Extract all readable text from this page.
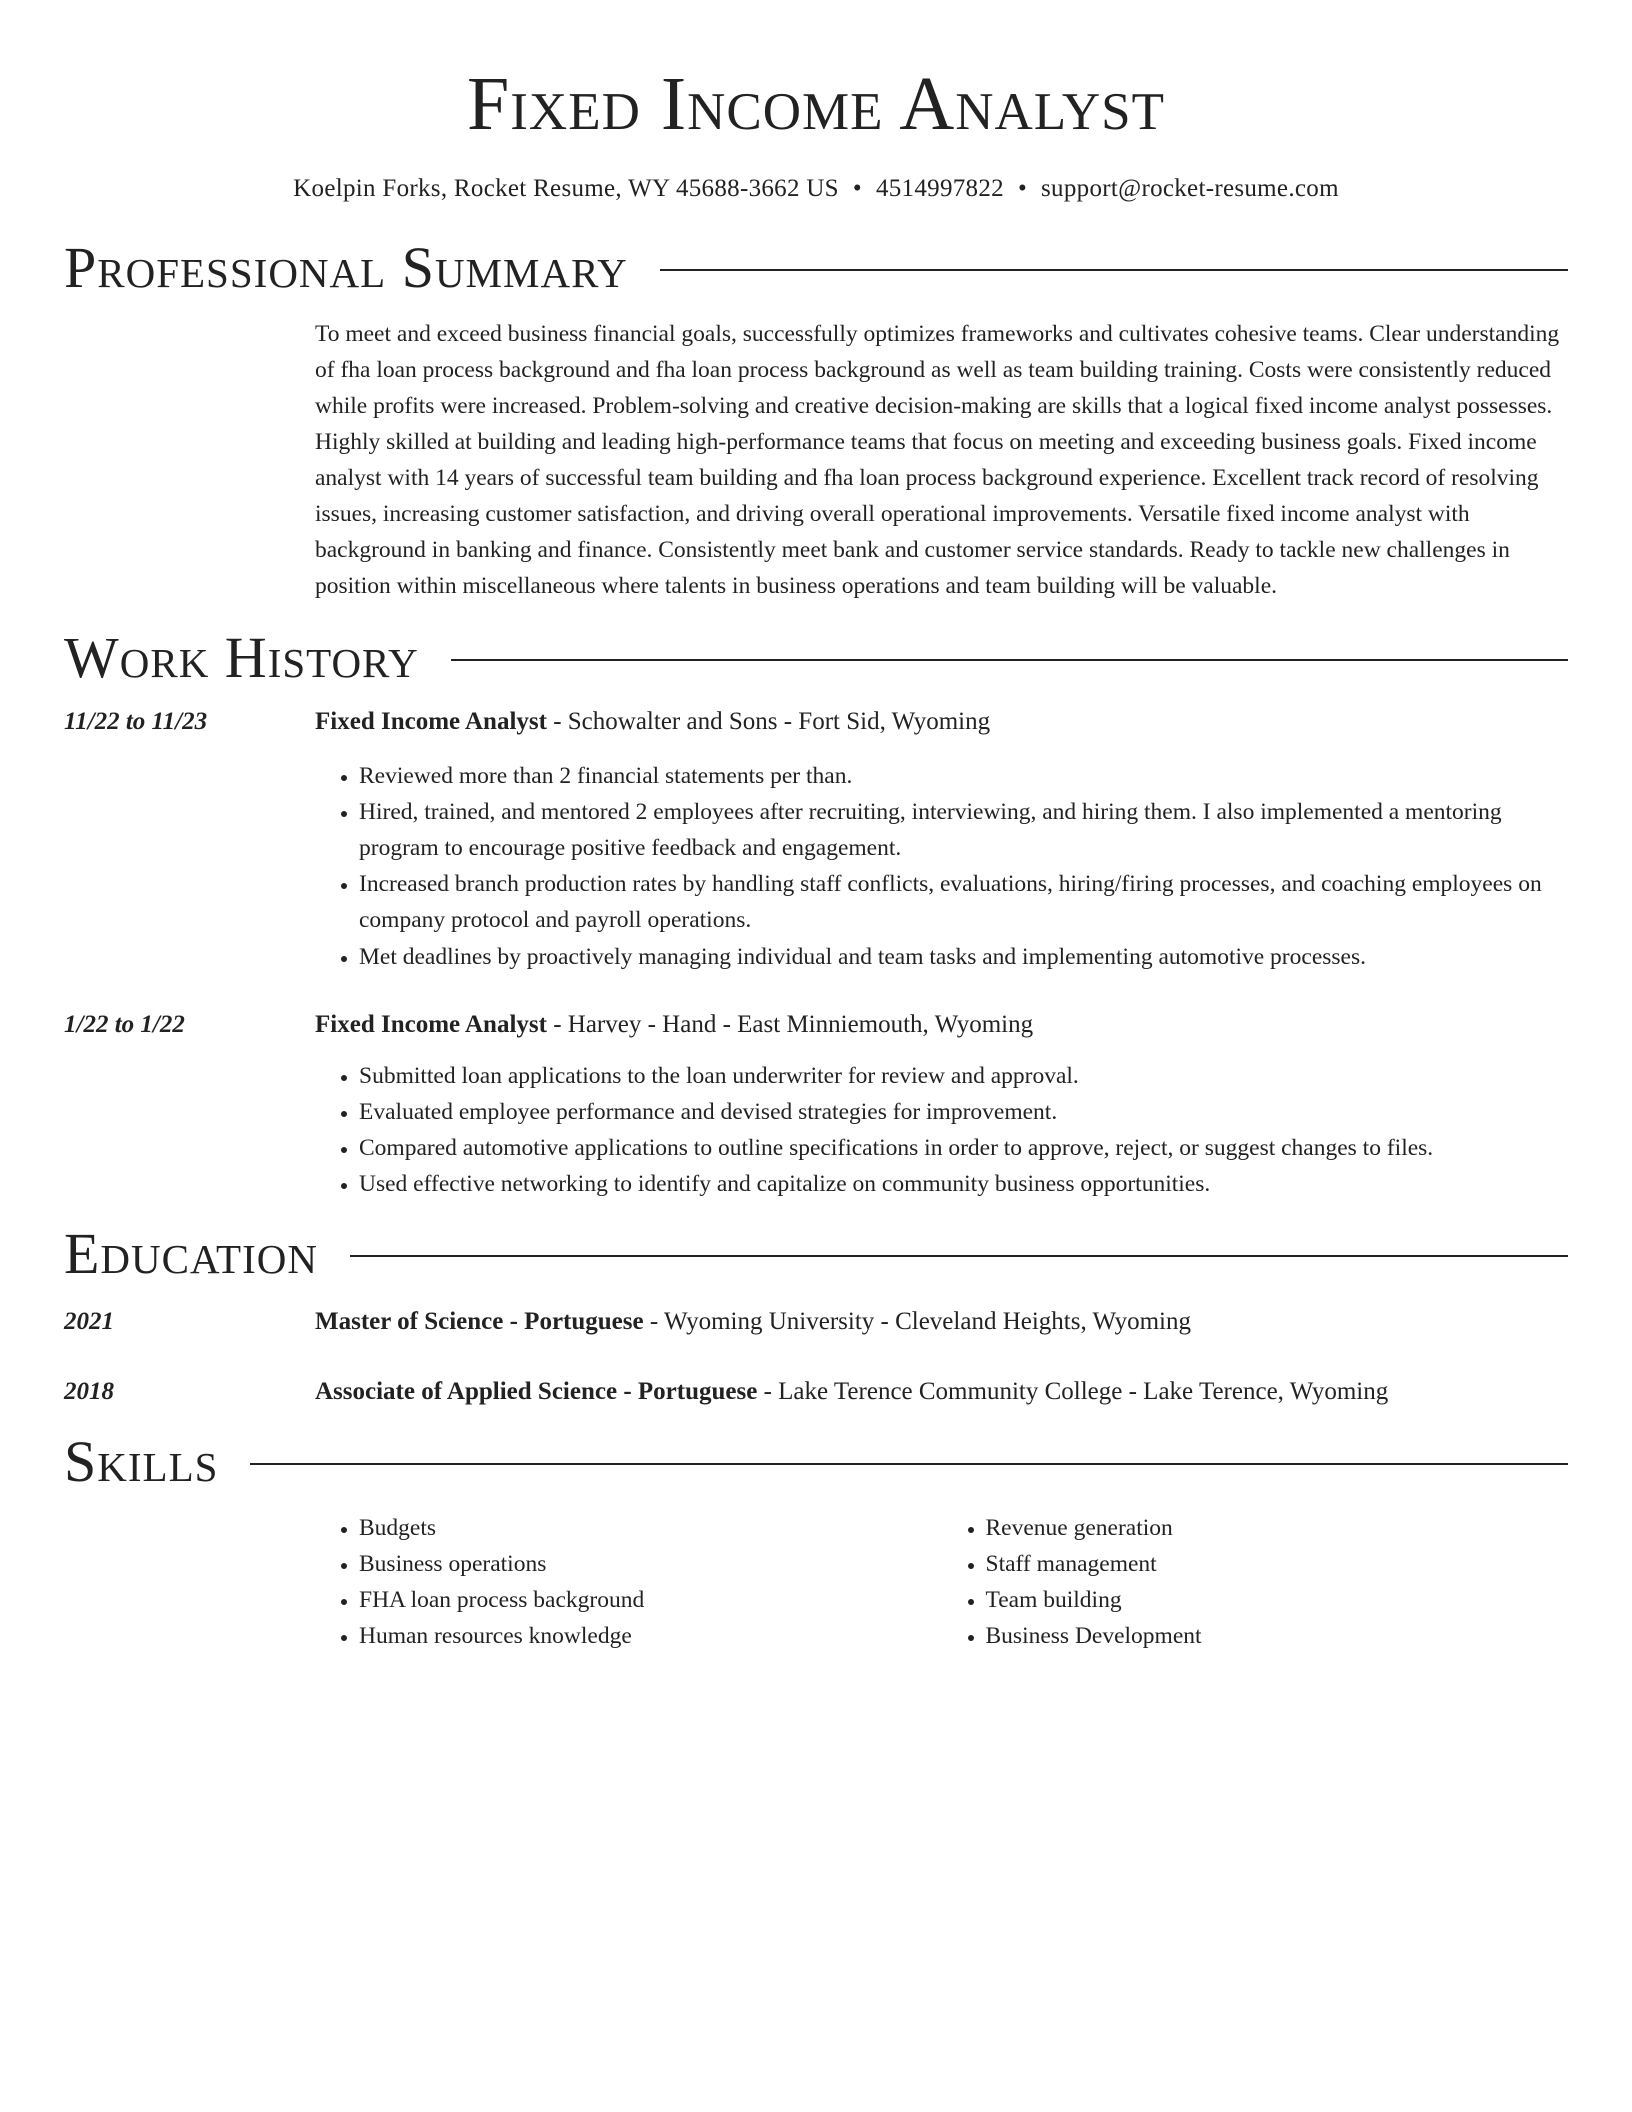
Fixed Income Analyst
Koelpin Forks, Rocket Resume, WY 45688-3662 US • 4514997822 • support@rocket-resume.com
Professional Summary

To meet and exceed business financial goals, successfully optimizes frameworks and cultivates cohesive teams. Clear understanding of fha loan process background and fha loan process background as well as team building training. Costs were consistently reduced while profits were increased. Problem-solving and creative decision-making are skills that a logical fixed income analyst possesses. Highly skilled at building and leading high-performance teams that focus on meeting and exceeding business goals. Fixed income analyst with 14 years of successful team building and fha loan process background experience. Excellent track record of resolving issues, increasing customer satisfaction, and driving overall operational improvements. Versatile fixed income analyst with background in banking and finance. Consistently meet bank and customer service standards. Ready to tackle new challenges in position within miscellaneous where talents in business operations and team building will be valuable.

Work History
11/22 to 11/23	Fixed Income Analyst - Schowalter and Sons - Fort Sid, Wyoming
• Reviewed more than 2 financial statements per than.
• Hired, trained, and mentored 2 employees after recruiting, interviewing, and hiring them. I also implemented a mentoring program to encourage positive feedback and engagement.
• Increased branch production rates by handling staff conflicts, evaluations, hiring/firing processes, and coaching employees on company protocol and payroll operations.
• Met deadlines by proactively managing individual and team tasks and implementing automotive processes.
1/22 to 1/22	Fixed Income Analyst - Harvey - Hand - East Minniemouth, Wyoming
• Submitted loan applications to the loan underwriter for review and approval.
• Evaluated employee performance and devised strategies for improvement.
• Compared automotive applications to outline specifications in order to approve, reject, or suggest changes to files.
• Used effective networking to identify and capitalize on community business opportunities.
Education
2021	Master of Science - Portuguese - Wyoming University - Cleveland Heights, Wyoming
2018	Associate of Applied Science - Portuguese - Lake Terence Community College - Lake Terence, Wyoming
Skills
• Budgets
• Business operations
• FHA loan process background
• Human resources knowledge
• Revenue generation
• Staff management
• Team building
• Business Development
